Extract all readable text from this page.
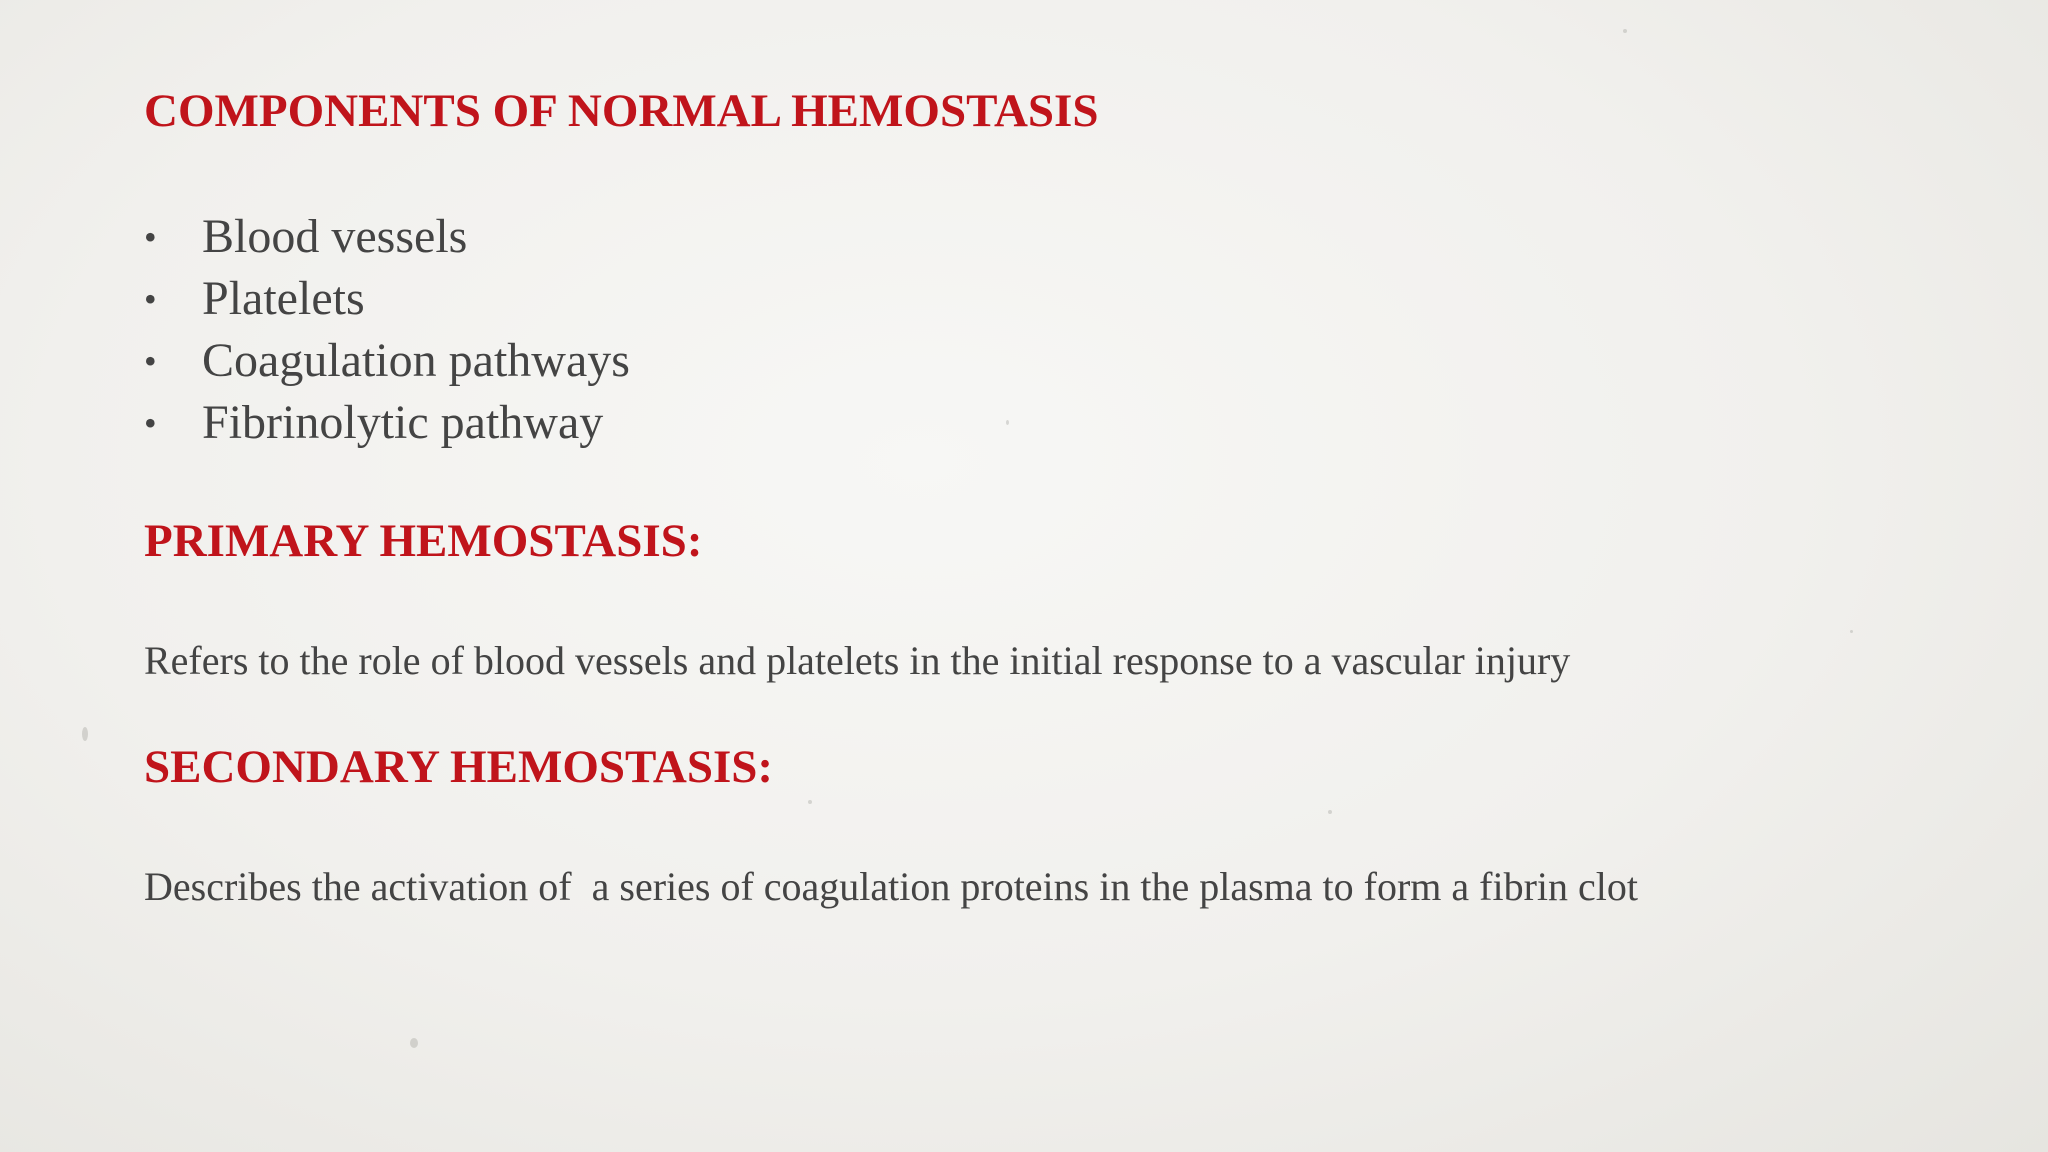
COMPONENTS OF NORMAL HEMOSTASIS
• Blood vessels
• Platelets
• Coagulation pathways
• Fibrinolytic pathway
PRIMARY HEMOSTASIS:

Refers to the role of blood vessels and platelets in the initial response to a vascular injury

SECONDARY HEMOSTASIS:

Describes the activation of  a series of coagulation proteins in the plasma to form a fibrin clot
